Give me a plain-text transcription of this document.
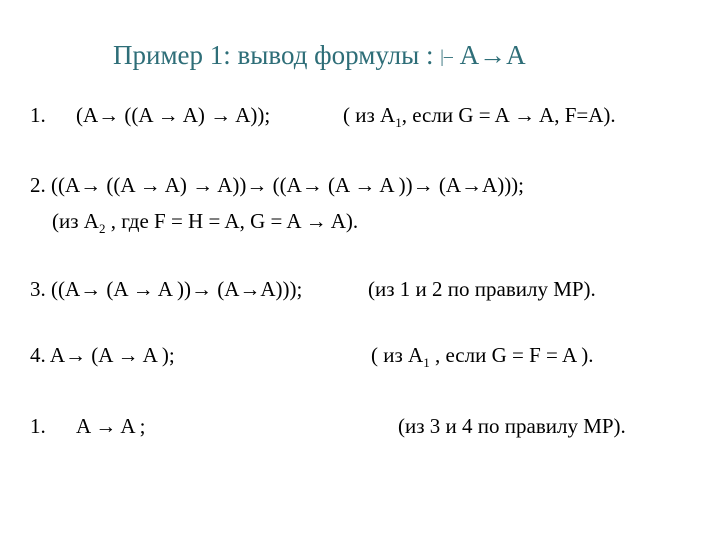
Пример 1: вывод формулы : |– A→A
1. (A→ ((A → A) → A));	( из $A_1$, если G = A → A, F=A).
2. ((A→ ((A → A) → A))→ ((A→ (A → A ))→ (A→A)));
(из $A_2$ , где F = H = A, G = A → A).
3. ((A→ (A → A ))→ (A→A)));	(из 1 и 2 по правилу MP).
4. A→ (A → A );	( из $A_1$ , если G = F = A ).
1. A → A ;	(из 3 и 4 по правилу MP).
